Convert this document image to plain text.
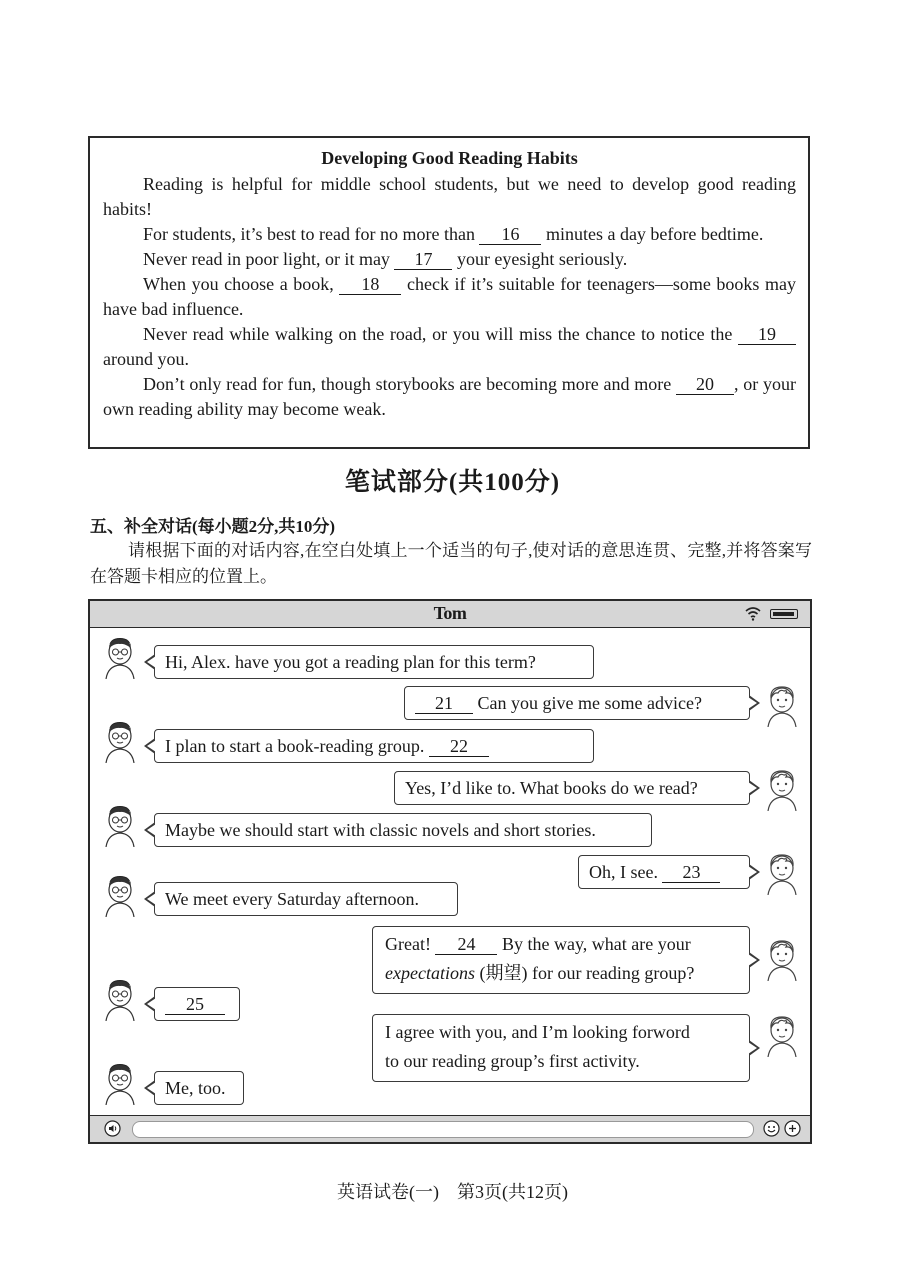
Developing Good Reading Habits

Reading is helpful for middle school students, but we need to develop good reading habits!

For students, it’s best to read for no more than 16 minutes a day before bedtime.

Never read in poor light, or it may 17 your eyesight seriously.

When you choose a book, 18 check if it’s suitable for teenagers—some books may have bad influence.

Never read while walking on the road, or you will miss the chance to notice the 19 around you.

Don’t only read for fun, though storybooks are becoming more and more 20 , or your own reading ability may become weak.

笔试部分(共100分)
五、补全对话(每小题2分,共10分)
请根据下面的对话内容,在空白处填上一个适当的句子,使对话的意思连贯、完整,并将答案写在答题卡相应的位置上。
Tom
Hi, Alex. have you got a reading plan for this term?
21 Can you give me some advice?
I plan to start a book-reading group. 22
Yes, I’d like to. What books do we read?
Maybe we should start with classic novels and short stories.
Oh, I see. 23
We meet every Saturday afternoon.
Great! 24 By the way, what are your
expectations (期望) for our reading group?
25
I agree with you, and I’m looking forword
to our reading group’s first activity.
Me, too.
英语试卷(一)　第3页(共12页)
